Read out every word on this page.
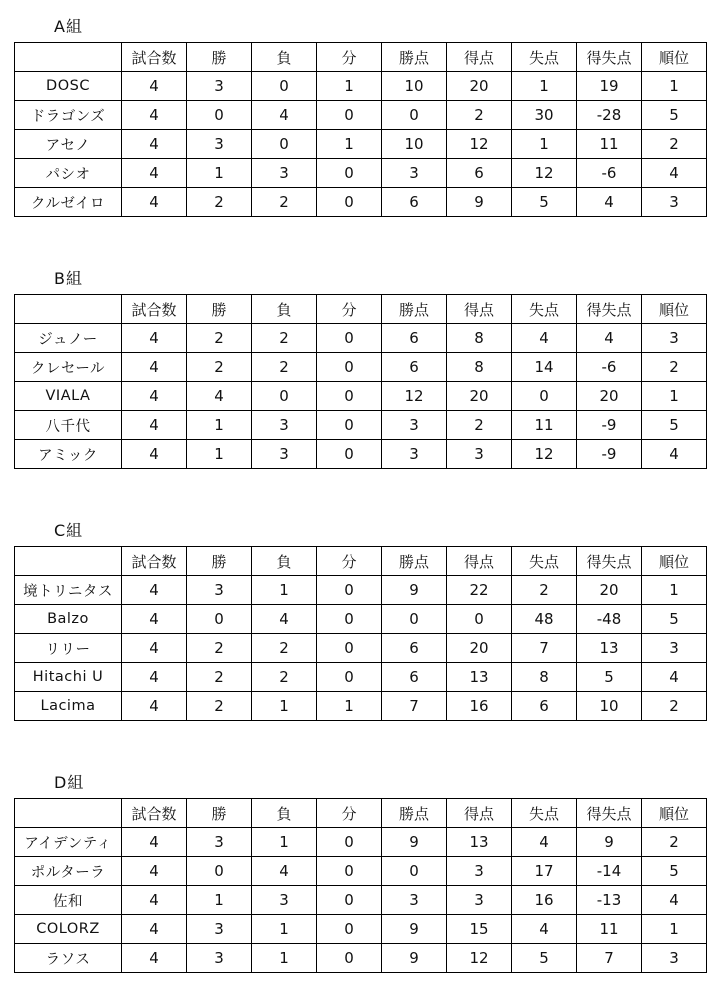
A組
	試合数	勝	負	分	勝点	得点	失点	得失点	順位
DOSC	4	3	0	1	10	20	1	19	1
ドラゴンズ	4	0	4	0	0	2	30	-28	5
アセノ	4	3	0	1	10	12	1	11	2
パシオ	4	1	3	0	3	6	12	-6	4
クルゼイロ	4	2	2	0	6	9	5	4	3
B組
	試合数	勝	負	分	勝点	得点	失点	得失点	順位
ジュノー	4	2	2	0	6	8	4	4	3
クレセール	4	2	2	0	6	8	14	-6	2
VIALA	4	4	0	0	12	20	0	20	1
八千代	4	1	3	0	3	2	11	-9	5
アミック	4	1	3	0	3	3	12	-9	4
C組
	試合数	勝	負	分	勝点	得点	失点	得失点	順位
境トリニタス	4	3	1	0	9	22	2	20	1
Balzo	4	0	4	0	0	0	48	-48	5
リリー	4	2	2	0	6	20	7	13	3
Hitachi U	4	2	2	0	6	13	8	5	4
Lacima	4	2	1	1	7	16	6	10	2
D組
	試合数	勝	負	分	勝点	得点	失点	得失点	順位
アイデンティ	4	3	1	0	9	13	4	9	2
ポルターラ	4	0	4	0	0	3	17	-14	5
佐和	4	1	3	0	3	3	16	-13	4
COLORZ	4	3	1	0	9	15	4	11	1
ラソス	4	3	1	0	9	12	5	7	3
